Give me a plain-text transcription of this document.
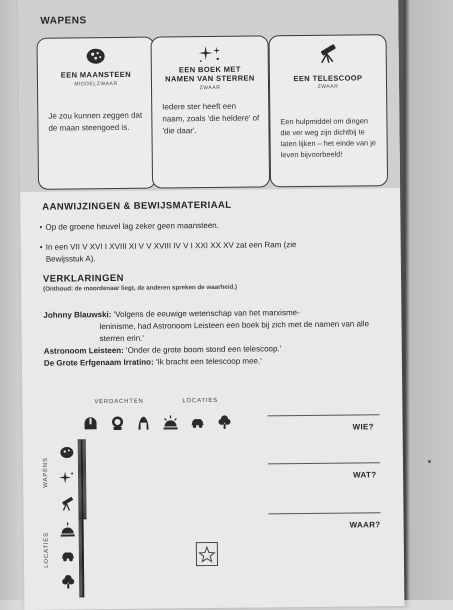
WAPENS
EEN MAANSTEEN
MIDDELZWAAR
Je zou kunnen zeggen dat de maan steengoed is.
EEN BOEK MET
NAMEN VAN STERREN
ZWAAR
Iedere ster heeft een naam, zoals 'die heldere' of 'die daar'.
EEN TELESCOOP
ZWAAR
Een hulpmiddel om dingen die ver weg zijn dichtbij te laten lijken – het einde van je leven bijvoorbeeld!
AANWIJZINGEN & BEWIJSMATERIAAL
• Op de groene heuvel lag zeker geen maansteen.
• In een VII V XVI I XVIII XI V V XVIII IV V I XXI XX XV zat een Ram (zie
Bewijsstuk A).
VERKLARINGEN
(Onthoud: de moordenaar liegt, de anderen spreken de waarheid.)
Johnny Blauwski: 'Volgens de eeuwige wetenschap van het marxisme-
leninisme, had Astronoom Leisteen een boek bij zich met de namen van alle
sterren erin.'
Astronoom Leisteen: 'Onder de grote boom stond een telescoop.'
De Grote Erfgenaam Irratino: 'Ik bracht een telescoop mee.'
VERDACHTEN	LOCATIES
WAPENS
LOCATIES

WIE?
WAT?
WAAR?
